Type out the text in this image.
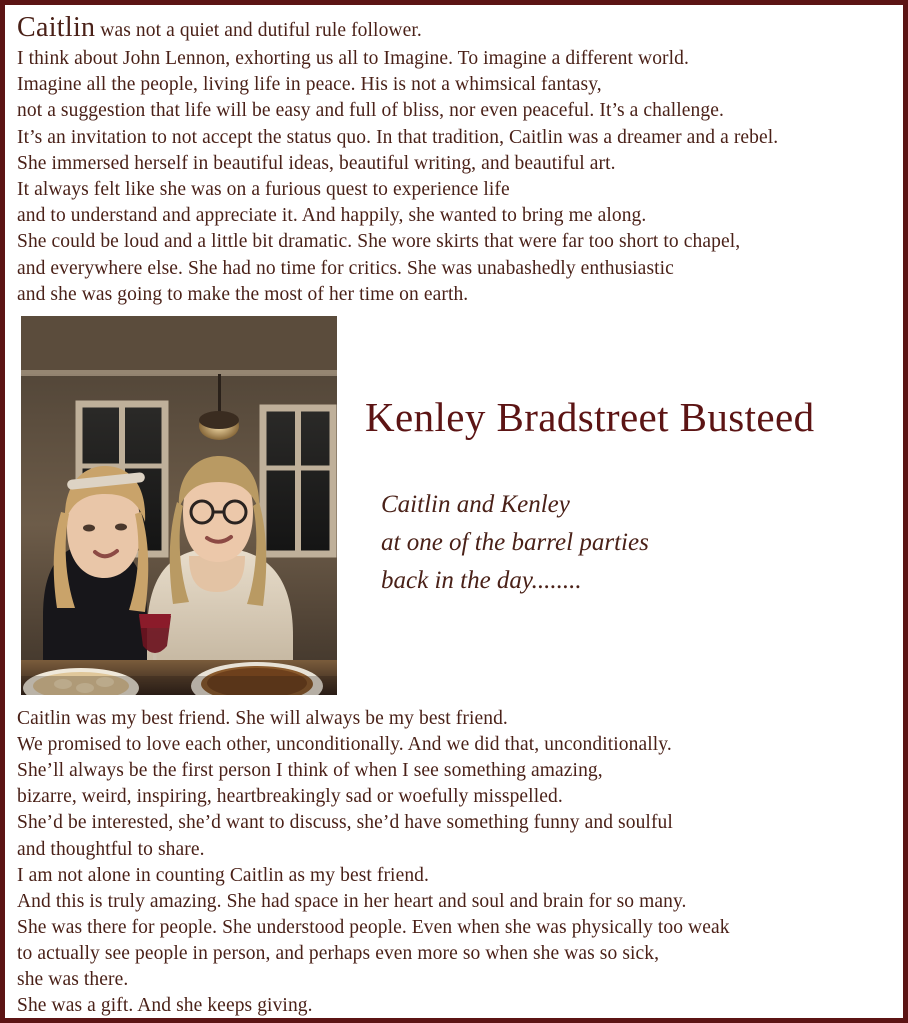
Caitlin was not a quiet and dutiful rule follower.
I think about John Lennon, exhorting us all to Imagine. To imagine a different world.
Imagine all the people, living life in peace. His is not a whimsical fantasy,
not a suggestion that life will be easy and full of bliss, nor even peaceful. It’s a challenge.
It’s an invitation to not accept the status quo. In that tradition, Caitlin was a dreamer and a rebel.
She immersed herself in beautiful ideas, beautiful writing, and beautiful art.
It always felt like she was on a furious quest to experience life
and to understand and appreciate it. And happily, she wanted to bring me along.
She could be loud and a little bit dramatic. She wore skirts that were far too short to chapel,
and everywhere else. She had no time for critics. She was unabashedly enthusiastic
and she was going to make the most of her time on earth.
Kenley Bradstreet Busteed
Caitlin and Kenley
at one of the barrel parties
back in the day........
Caitlin was my best friend. She will always be my best friend.
We promised to love each other, unconditionally. And we did that, unconditionally.
She’ll always be the first person I think of when I see something amazing,
bizarre, weird, inspiring, heartbreakingly sad or woefully misspelled.
She’d be interested, she’d want to discuss, she’d have something funny and soulful
and thoughtful to share.
I am not alone in counting Caitlin as my best friend.
And this is truly amazing. She had space in her heart and soul and brain for so many.
She was there for people. She understood people. Even when she was physically too weak
to actually see people in person, and perhaps even more so when she was so sick,
she was there.
She was a gift. And she keeps giving.
